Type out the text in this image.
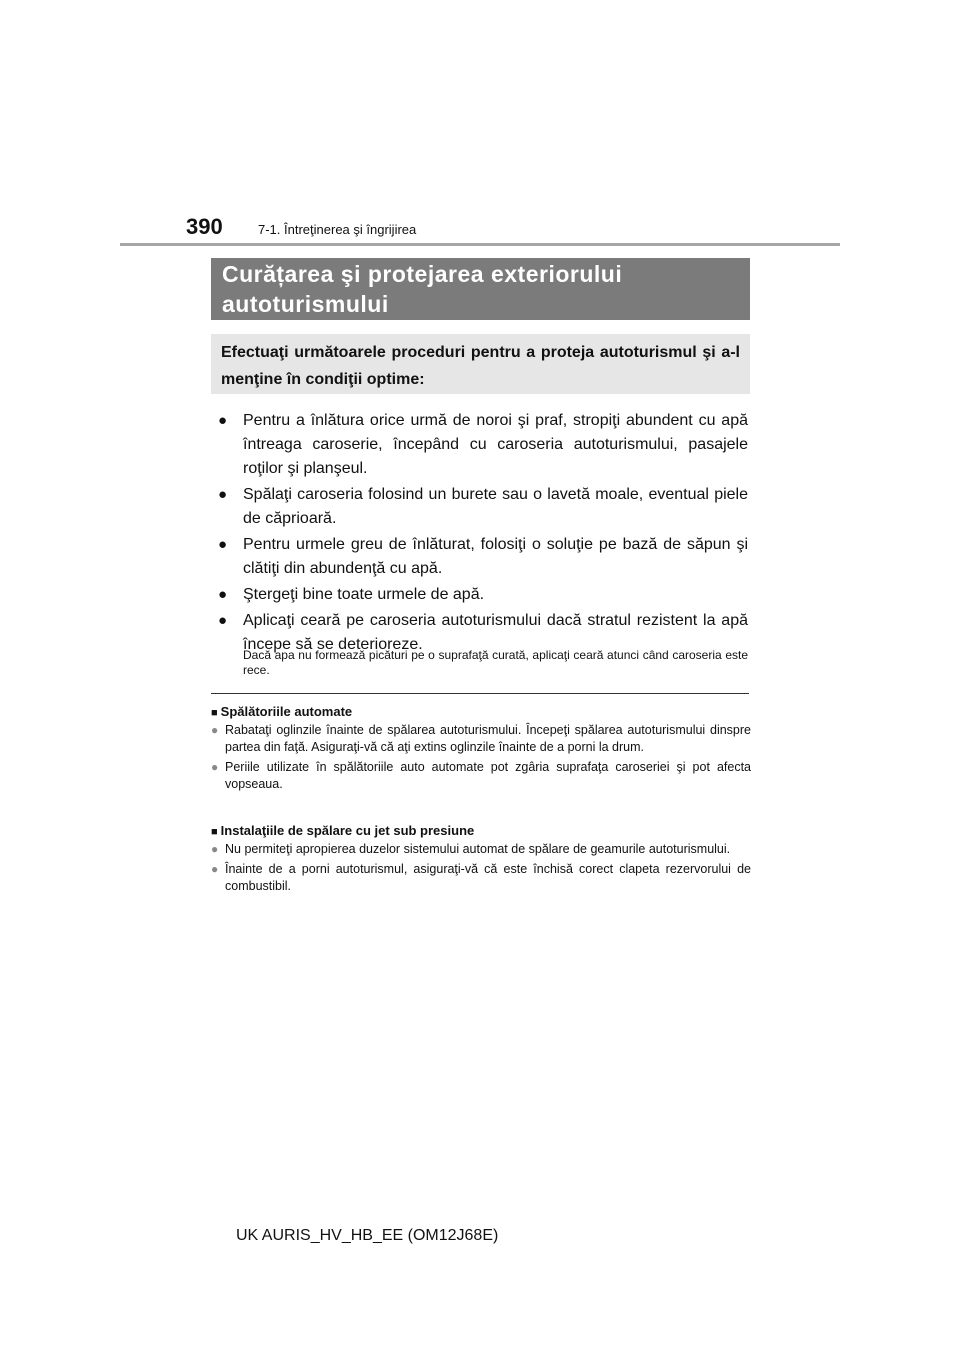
390	7-1. Întreţinerea şi îngrijirea
Curățarea şi protejarea exteriorului autoturismului
Efectuaţi următoarele proceduri pentru a proteja autoturismul şi a-l menţine în condiţii optime:
● Pentru a înlătura orice urmă de noroi şi praf, stropiţi abundent cu apă întreaga caroserie, începând cu caroseria autoturismului, pasajele roţilor şi planşeul.
● Spălaţi caroseria folosind un burete sau o lavetă moale, eventual piele de căprioară.
● Pentru urmele greu de înlăturat, folosiţi o soluţie pe bază de săpun şi clătiţi din abundenţă cu apă.
● Ştergeţi bine toate urmele de apă.
● Aplicaţi ceară pe caroseria autoturismului dacă stratul rezistent la apă începe să se deterioreze.
Dacă apa nu formează picături pe o suprafaţă curată, aplicaţi ceară atunci când caroseria este rece.
■ Spălătoriile automate
● Rabataţi oglinzile înainte de spălarea autoturismului. Începeţi spălarea autoturismului dinspre partea din faţă. Asiguraţi-vă că aţi extins oglinzile înainte de a porni la drum.
● Periile utilizate în spălătoriile auto automate pot zgâria suprafaţa caroseriei şi pot afecta vopseaua.
■ Instalaţiile de spălare cu jet sub presiune
● Nu permiteţi apropierea duzelor sistemului automat de spălare de geamurile autoturismului.
● Înainte de a porni autoturismul, asiguraţi-vă că este închisă corect clapeta rezervorului de combustibil.
UK AURIS_HV_HB_EE (OM12J68E)
